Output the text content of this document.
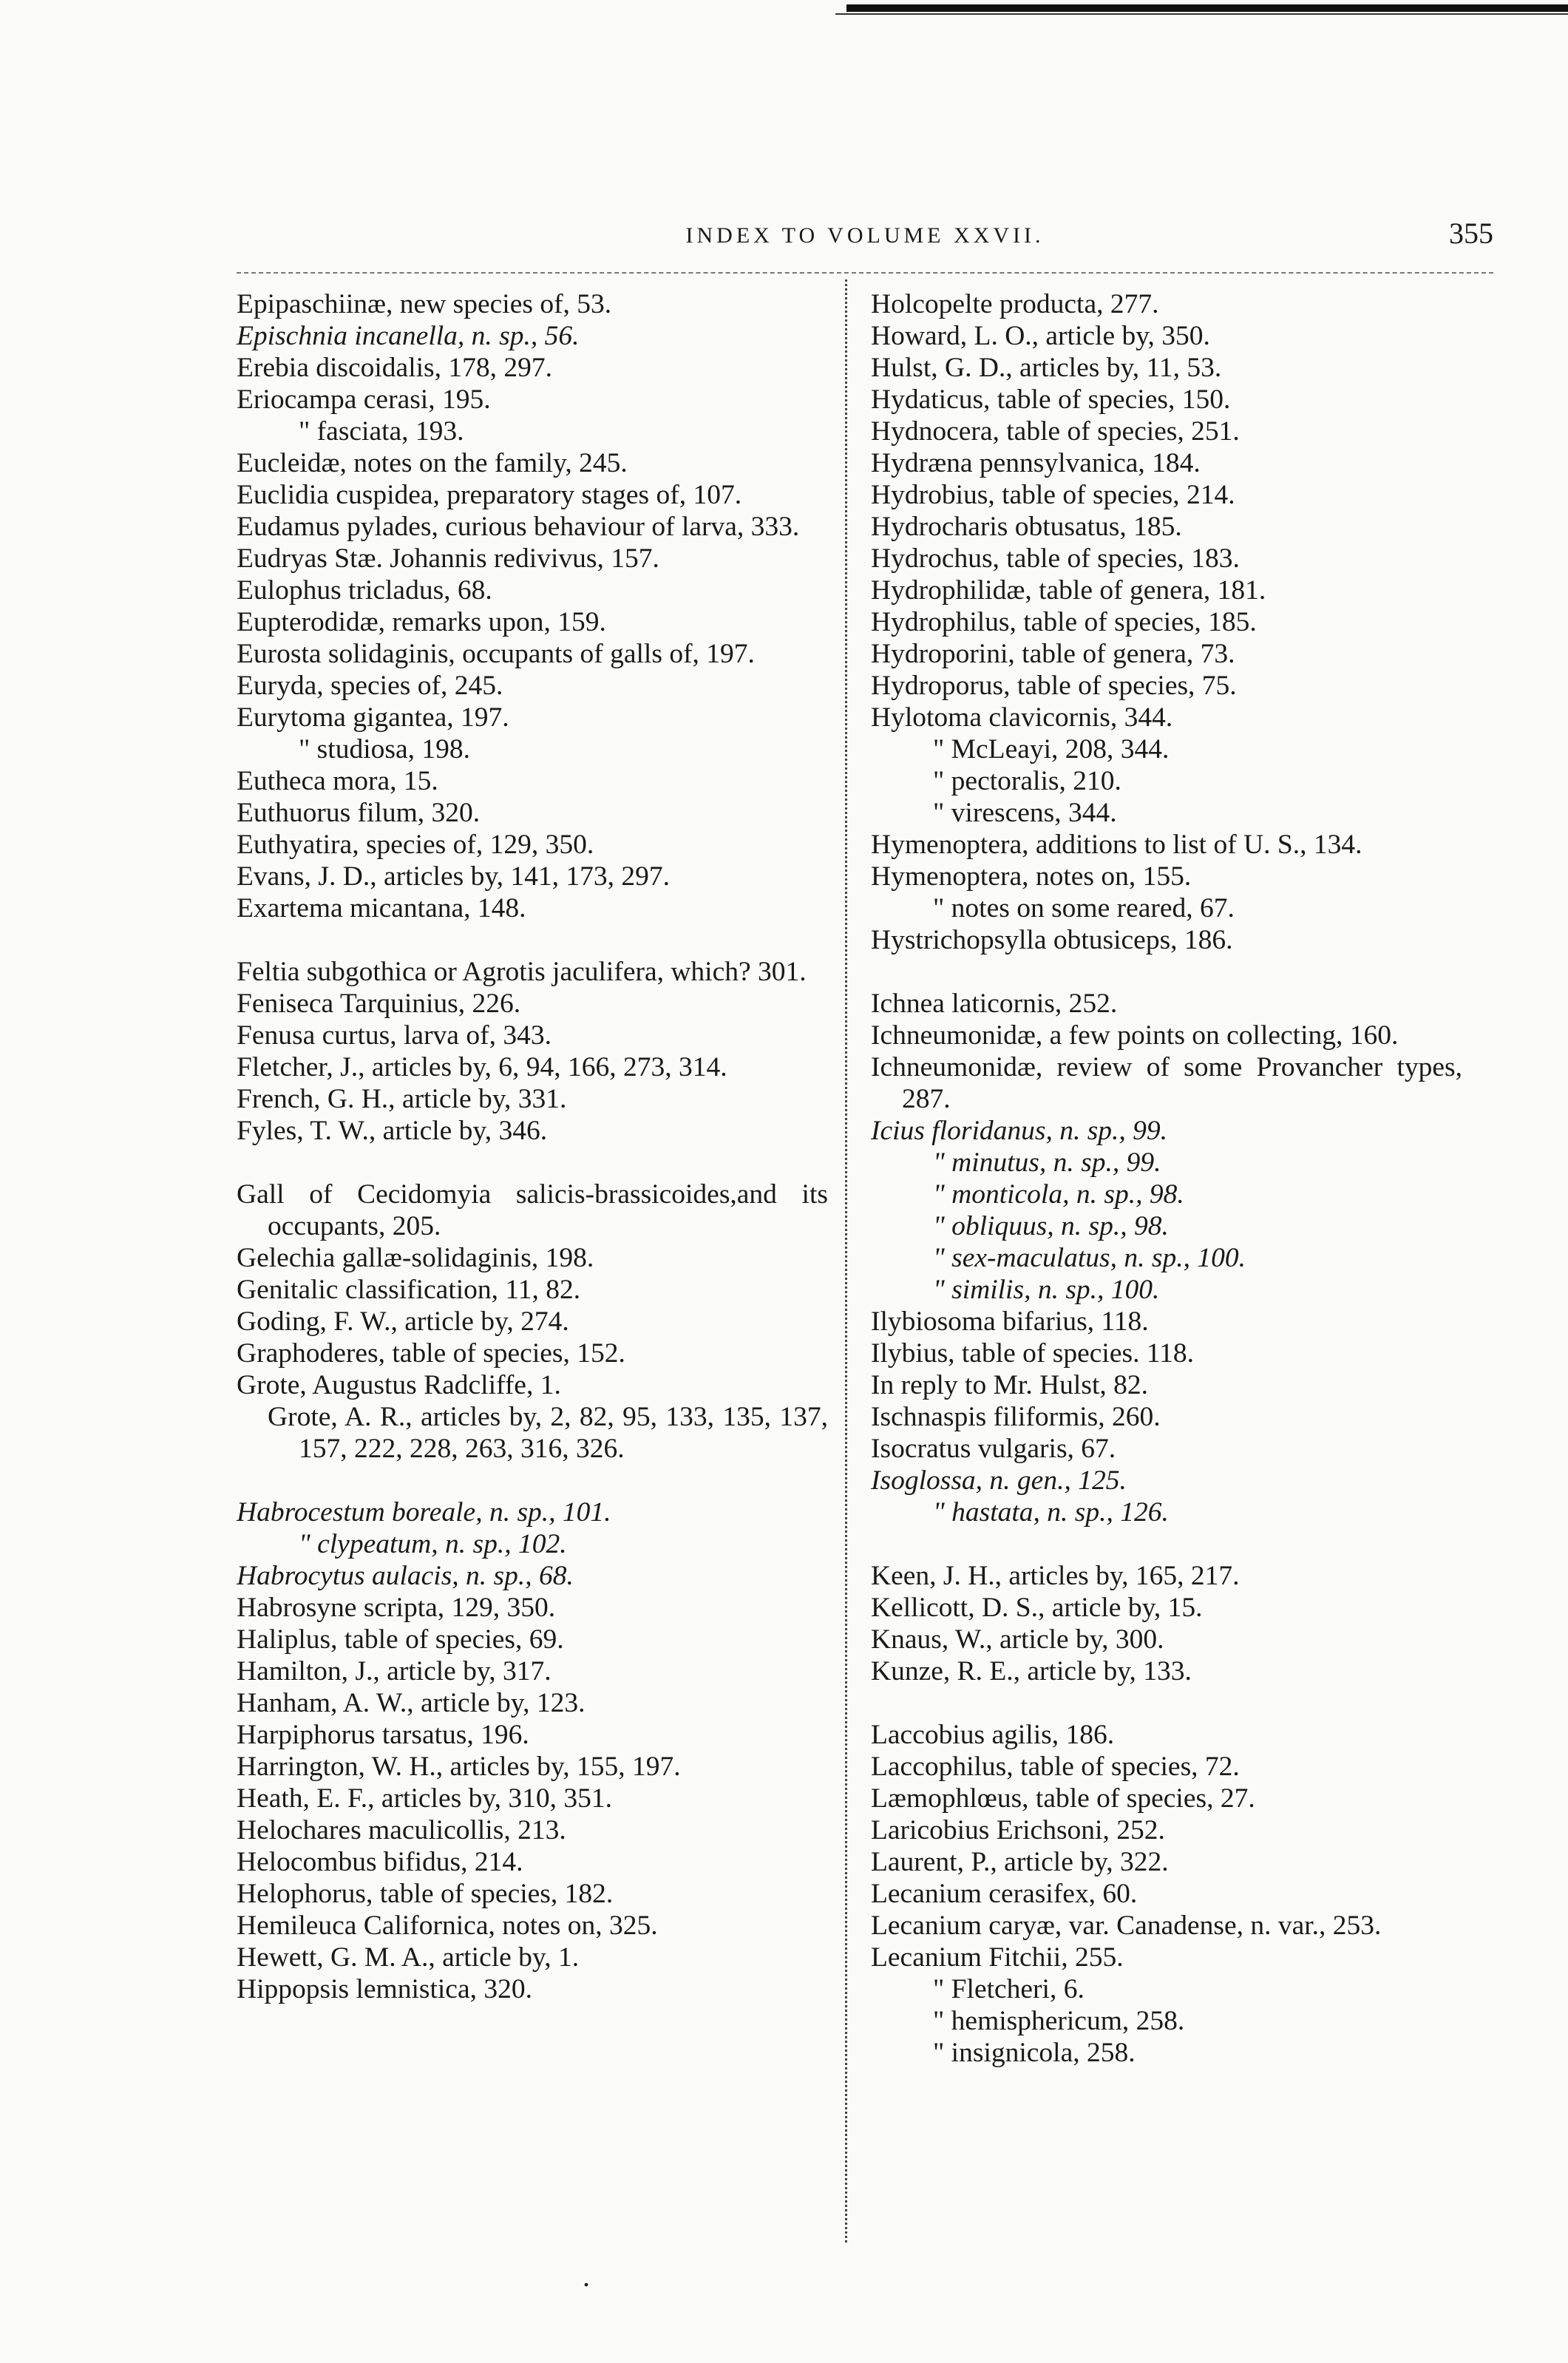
INDEX TO VOLUME XXVII.	355
Epipaschiinæ, new species of, 53.
Epischnia incanella, n. sp., 56.
Erebia discoidalis, 178, 297.
Eriocampa cerasi, 195.
" fasciata, 193.
Eucleidæ, notes on the family, 245.
Euclidia cuspidea, preparatory stages of, 107.
Eudamus pylades, curious behaviour of larva, 333.
Eudryas Stæ. Johannis redivivus, 157.
Eulophus tricladus, 68.
Eupterodidæ, remarks upon, 159.
Eurosta solidaginis, occupants of galls of, 197.
Euryda, species of, 245.
Eurytoma gigantea, 197.
" studiosa, 198.
Eutheca mora, 15.
Euthuorus filum, 320.
Euthyatira, species of, 129, 350.
Evans, J. D., articles by, 141, 173, 297.
Exartema micantana, 148.
Feltia subgothica or Agrotis jaculifera, which? 301.
Feniseca Tarquinius, 226.
Fenusa curtus, larva of, 343.
Fletcher, J., articles by, 6, 94, 166, 273, 314.
French, G. H., article by, 331.
Fyles, T. W., article by, 346.
Gall of Cecidomyia salicis-brassicoides,and its occupants, 205.
Gelechia gallæ-solidaginis, 198.
Genitalic classification, 11, 82.
Goding, F. W., article by, 274.
Graphoderes, table of species, 152.
Grote, Augustus Radcliffe, 1.
Grote, A. R., articles by, 2, 82, 95, 133, 135, 137, 157, 222, 228, 263, 316, 326.
Habrocestum boreale, n. sp., 101.
" clypeatum, n. sp., 102.
Habrocytus aulacis, n. sp., 68.
Habrosyne scripta, 129, 350.
Haliplus, table of species, 69.
Hamilton, J., article by, 317.
Hanham, A. W., article by, 123.
Harpiphorus tarsatus, 196.
Harrington, W. H., articles by, 155, 197.
Heath, E. F., articles by, 310, 351.
Helochares maculicollis, 213.
Helocombus bifidus, 214.
Helophorus, table of species, 182.
Hemileuca Californica, notes on, 325.
Hewett, G. M. A., article by, 1.
Hippopsis lemnistica, 320.
Holcopelte producta, 277.
Howard, L. O., article by, 350.
Hulst, G. D., articles by, 11, 53.
Hydaticus, table of species, 150.
Hydnocera, table of species, 251.
Hydræna pennsylvanica, 184.
Hydrobius, table of species, 214.
Hydrocharis obtusatus, 185.
Hydrochus, table of species, 183.
Hydrophilidæ, table of genera, 181.
Hydrophilus, table of species, 185.
Hydroporini, table of genera, 73.
Hydroporus, table of species, 75.
Hylotoma clavicornis, 344.
" McLeayi, 208, 344.
" pectoralis, 210.
" virescens, 344.
Hymenoptera, additions to list of U. S., 134.
Hymenoptera, notes on, 155.
" notes on some reared, 67.
Hystrichopsylla obtusiceps, 186.
Ichnea laticornis, 252.
Ichneumonidæ, a few points on collecting, 160.
Ichneumonidæ, review of some Provancher types, 287.
Icius floridanus, n. sp., 99.
" minutus, n. sp., 99.
" monticola, n. sp., 98.
" obliquus, n. sp., 98.
" sex-maculatus, n. sp., 100.
" similis, n. sp., 100.
Ilybiosoma bifarius, 118.
Ilybius, table of species. 118.
In reply to Mr. Hulst, 82.
Ischnaspis filiformis, 260.
Isocratus vulgaris, 67.
Isoglossa, n. gen., 125.
" hastata, n. sp., 126.
Keen, J. H., articles by, 165, 217.
Kellicott, D. S., article by, 15.
Knaus, W., article by, 300.
Kunze, R. E., article by, 133.
Laccobius agilis, 186.
Laccophilus, table of species, 72.
Læmophlœus, table of species, 27.
Laricobius Erichsoni, 252.
Laurent, P., article by, 322.
Lecanium cerasifex, 60.
Lecanium caryæ, var. Canadense, n. var., 253.
Lecanium Fitchii, 255.
" Fletcheri, 6.
" hemisphericum, 258.
" insignicola, 258.
.
